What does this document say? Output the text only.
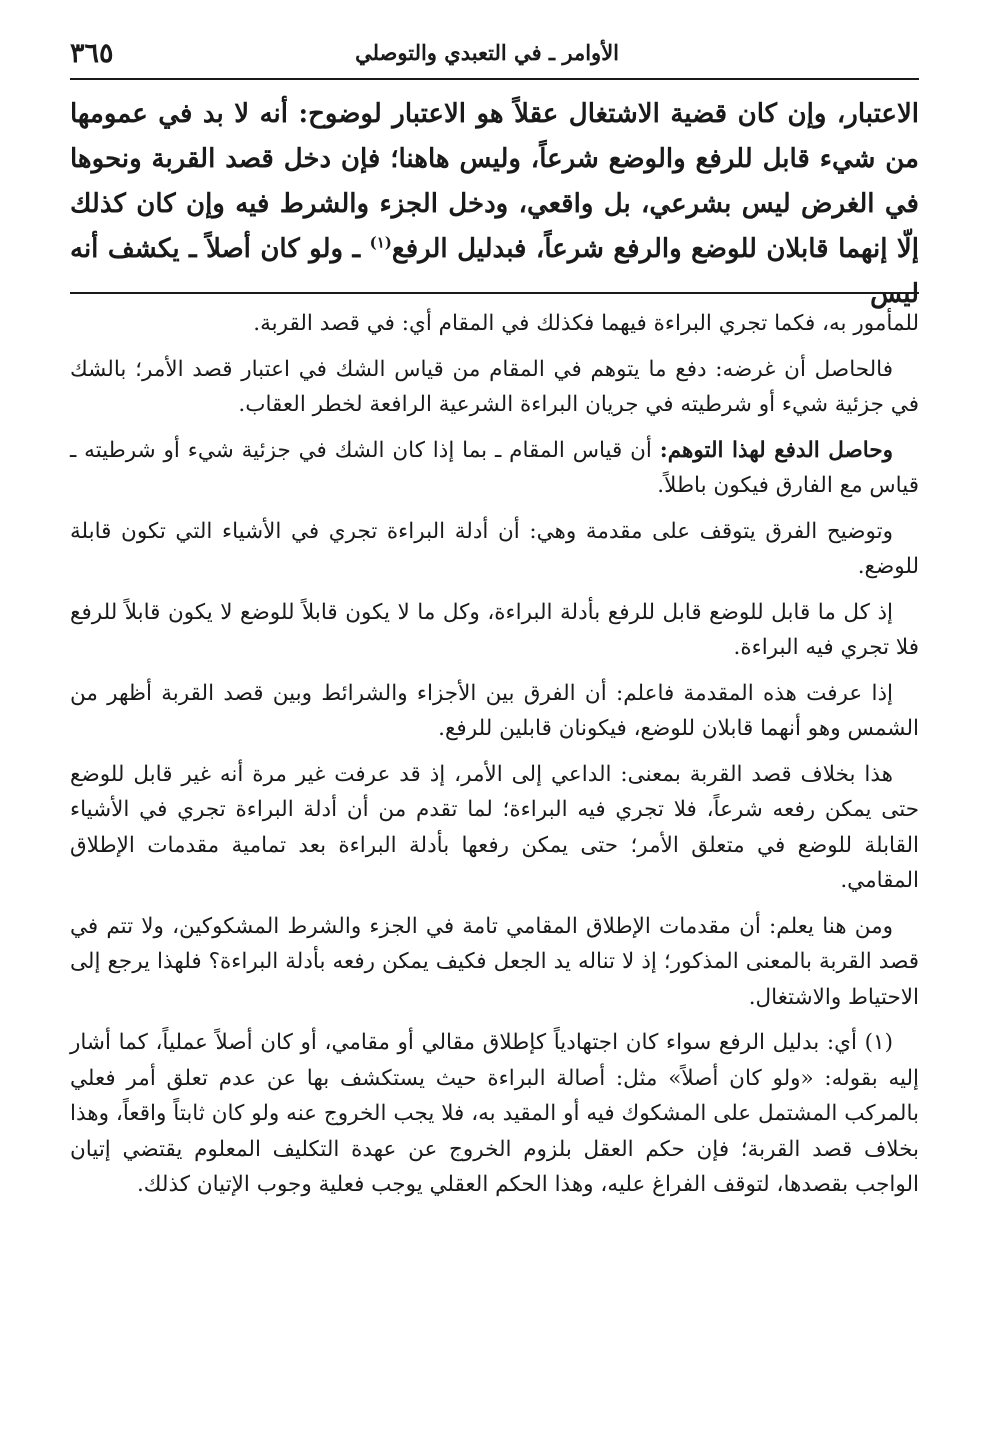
الأوامر ـ في التعبدي والتوصلي
٣٦٥
الاعتبار، وإن كان قضية الاشتغال عقلاً هو الاعتبار لوضوح: أنه لا بد في عمومها من شيء قابل للرفع والوضع شرعاً، وليس هاهنا؛ فإن دخل قصد القربة ونحوها في الغرض ليس بشرعي، بل واقعي، ودخل الجزء والشرط فيه وإن كان كذلك إلّا إنهما قابلان للوضع والرفع شرعاً، فبدليل الرفع$^{(١)}$ ـ ولو كان أصلاً ـ يكشف أنه ليس

للمأمور به، فكما تجري البراءة فيهما فكذلك في المقام أي: في قصد القربة.

فالحاصل أن غرضه: دفع ما يتوهم في المقام من قياس الشك في اعتبار قصد الأمر؛ بالشك في جزئية شيء أو شرطيته في جريان البراءة الشرعية الرافعة لخطر العقاب.

وحاصل الدفع لهذا التوهم: أن قياس المقام ـ بما إذا كان الشك في جزئية شيء أو شرطيته ـ قياس مع الفارق فيكون باطلاً.

وتوضيح الفرق يتوقف على مقدمة وهي: أن أدلة البراءة تجري في الأشياء التي تكون قابلة للوضع.

إذ كل ما قابل للوضع قابل للرفع بأدلة البراءة، وكل ما لا يكون قابلاً للوضع لا يكون قابلاً للرفع فلا تجري فيه البراءة.

إذا عرفت هذه المقدمة فاعلم: أن الفرق بين الأجزاء والشرائط وبين قصد القربة أظهر من الشمس وهو أنهما قابلان للوضع، فيكونان قابلين للرفع.

هذا بخلاف قصد القربة بمعنى: الداعي إلى الأمر، إذ قد عرفت غير مرة أنه غير قابل للوضع حتى يمكن رفعه شرعاً، فلا تجري فيه البراءة؛ لما تقدم من أن أدلة البراءة تجري في الأشياء القابلة للوضع في متعلق الأمر؛ حتى يمكن رفعها بأدلة البراءة بعد تمامية مقدمات الإطلاق المقامي.

ومن هنا يعلم: أن مقدمات الإطلاق المقامي تامة في الجزء والشرط المشكوكين، ولا تتم في قصد القربة بالمعنى المذكور؛ إذ لا تناله يد الجعل فكيف يمكن رفعه بأدلة البراءة؟ فلهذا يرجع إلى الاحتياط والاشتغال.

(١) أي: بدليل الرفع سواء كان اجتهادياً كإطلاق مقالي أو مقامي، أو كان أصلاً عملياً، كما أشار إليه بقوله: «ولو كان أصلاً» مثل: أصالة البراءة حيث يستكشف بها عن عدم تعلق أمر فعلي بالمركب المشتمل على المشكوك فيه أو المقيد به، فلا يجب الخروج عنه ولو كان ثابتاً واقعاً، وهذا بخلاف قصد القربة؛ فإن حكم العقل بلزوم الخروج عن عهدة التكليف المعلوم يقتضي إتيان الواجب بقصدها، لتوقف الفراغ عليه، وهذا الحكم العقلي يوجب فعلية وجوب الإتيان كذلك.
